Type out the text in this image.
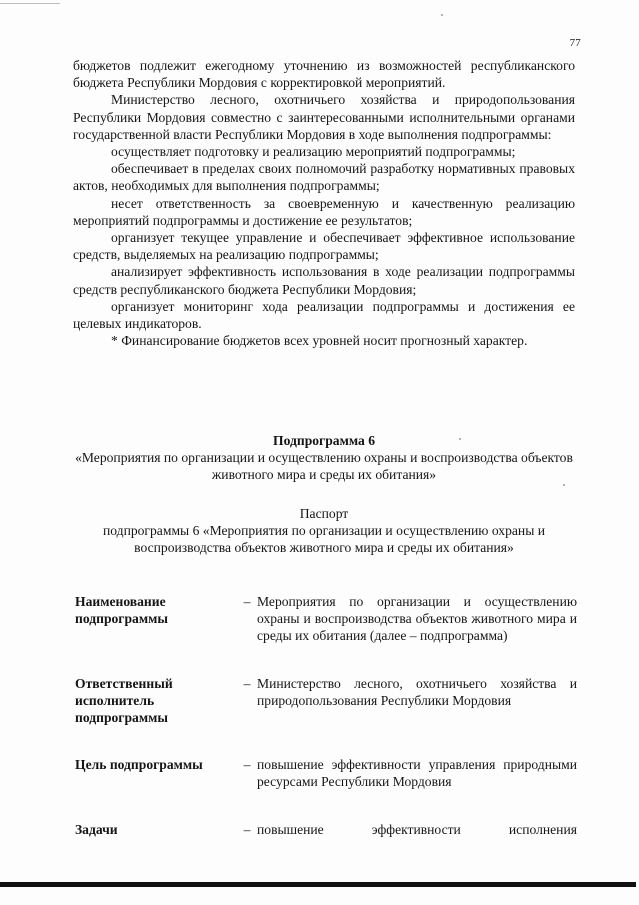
77

бюджетов подлежит ежегодному уточнению из возможностей республиканского бюджета Республики Мордовия с корректировкой мероприятий.

Министерство лесного, охотничьего хозяйства и природопользования Республики Мордовия совместно с заинтересованными исполнительными органами государственной власти Республики Мордовия в ходе выполнения подпрограммы:

осуществляет подготовку и реализацию мероприятий подпрограммы;

обеспечивает в пределах своих полномочий разработку нормативных правовых актов, необходимых для выполнения подпрограммы;

несет ответственность за своевременную и качественную реализацию мероприятий подпрограммы и достижение ее результатов;

организует текущее управление и обеспечивает эффективное использование средств, выделяемых на реализацию подпрограммы;

анализирует эффективность использования в ходе реализации подпрограммы средств республиканского бюджета Республики Мордовия;

организует мониторинг хода реализации подпрограммы и достижения ее целевых индикаторов.

* Финансирование бюджетов всех уровней носит прогнозный характер.

Подпрограмма 6

«Мероприятия по организации и осуществлению охраны и воспроизводства объектов животного мира и среды их обитания»

Паспорт

подпрограммы 6 «Мероприятия по организации и осуществлению охраны и воспроизводства объектов животного мира и среды их обитания»

Наименование подпрограммы
– Мероприятия по организации и осуществлению охраны и воспроизводства объектов животного мира и среды их обитания (далее – подпрограмма)
Ответственный исполнитель подпрограммы
– Министерство лесного, охотничьего хозяйства и природопользования Республики Мордовия
Цель подпрограммы	– повышение эффективности управления природными ресурсами Республики Мордовия
Задачи	– повышение эффективности исполнения
